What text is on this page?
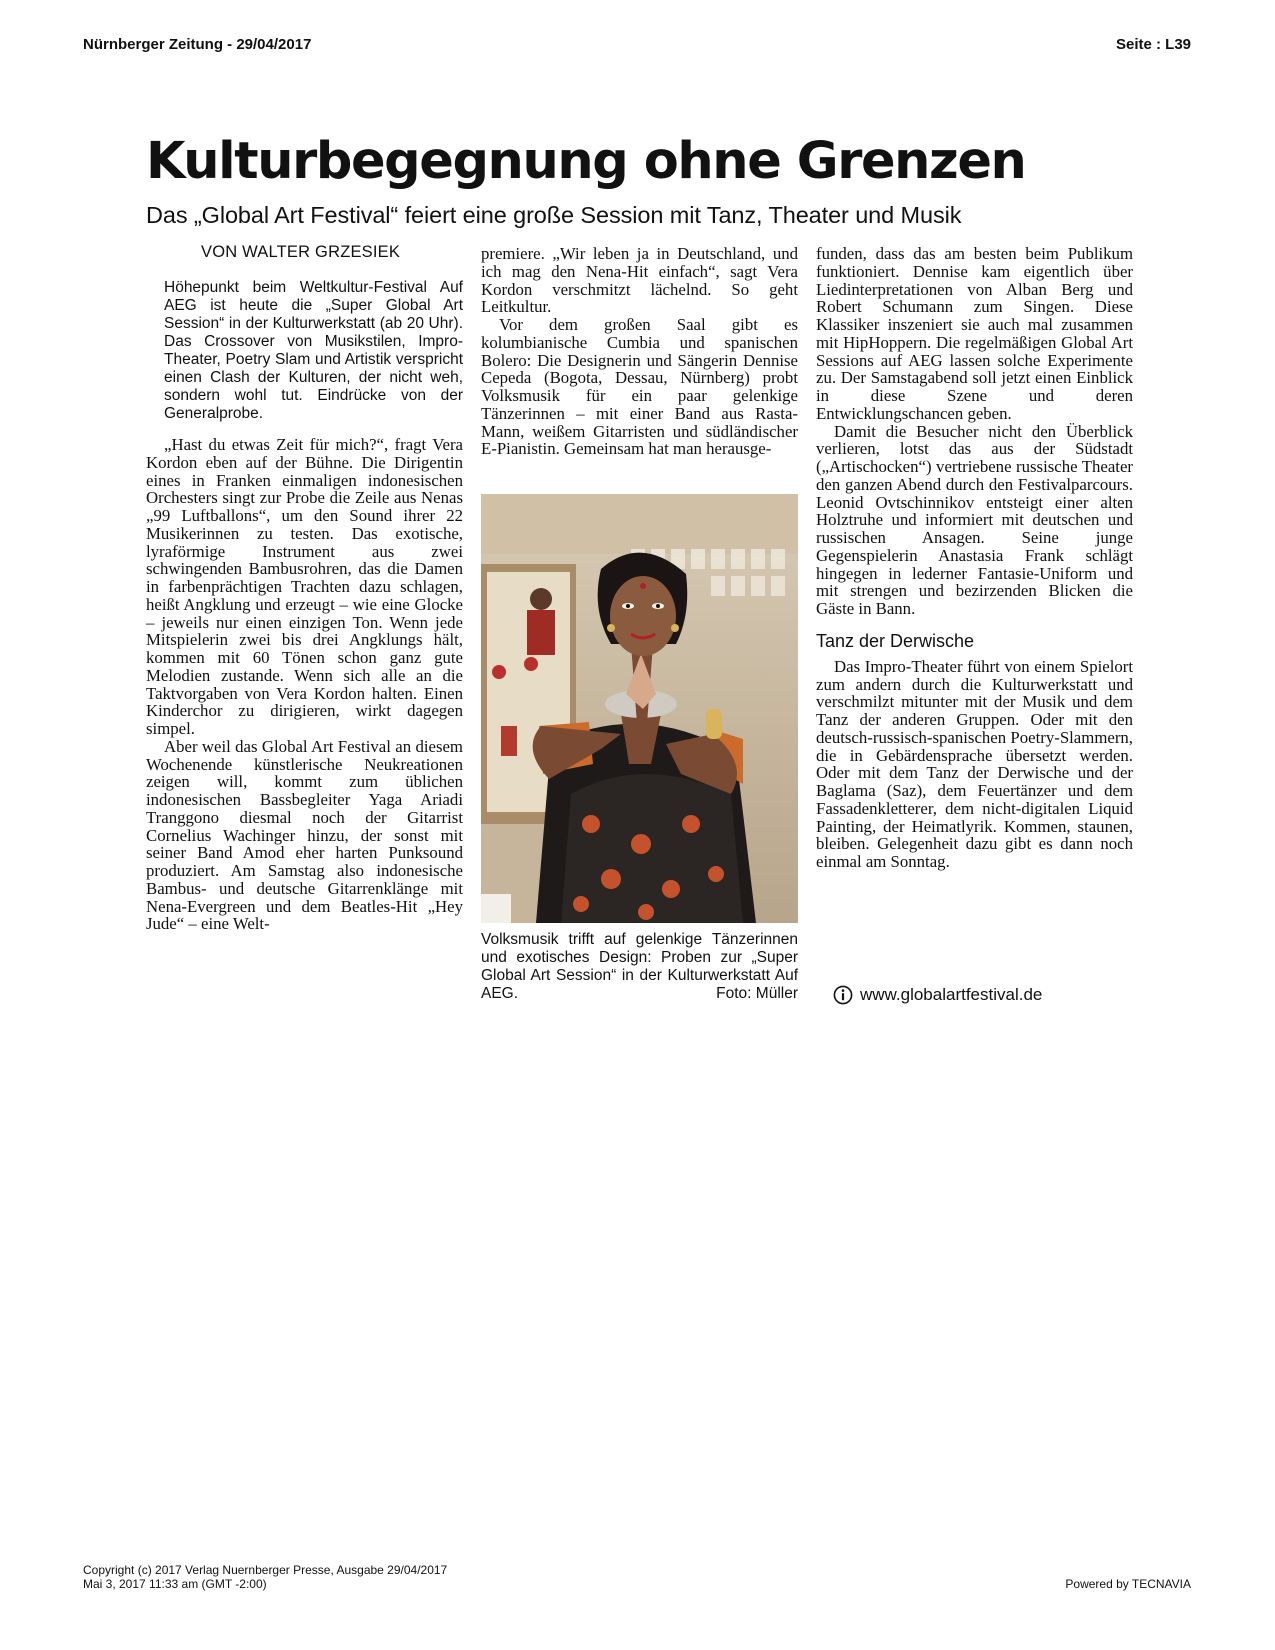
Nürnberger Zeitung - 29/04/2017	Seite : L39
Kulturbegegnung ohne Grenzen
Das „Global Art Festival“ feiert eine große Session mit Tanz, Theater und Musik
VON WALTER GRZESIEK

Höhepunkt beim Weltkultur-Festival Auf AEG ist heute die „Super Global Art Session“ in der Kulturwerkstatt (ab 20 Uhr). Das Crossover von Musikstilen, Impro-Theater, Poetry Slam und Artistik verspricht einen Clash der Kulturen, der nicht weh, sondern wohl tut. Eindrücke von der Generalprobe.

„Hast du etwas Zeit für mich?“, fragt Vera Kordon eben auf der Bühne. Die Dirigentin eines in Franken einmaligen indonesischen Orchesters singt zur Probe die Zeile aus Nenas „99 Luftballons“, um den Sound ihrer 22 Musikerinnen zu testen. Das exotische, lyraförmige Instrument aus zwei schwingenden Bambusrohren, das die Damen in farbenprächtigen Trachten dazu schlagen, heißt Angklung und erzeugt – wie eine Glocke – jeweils nur einen einzigen Ton. Wenn jede Mitspielerin zwei bis drei Angklungs hält, kommen mit 60 Tönen schon ganz gute Melodien zustande. Wenn sich alle an die Taktvorgaben von Vera Kordon halten. Einen Kinderchor zu dirigieren, wirkt dagegen simpel.

Aber weil das Global Art Festival an diesem Wochenende künstlerische Neukreationen zeigen will, kommt zum üblichen indonesischen Bassbegleiter Yaga Ariadi Tranggono diesmal noch der Gitarrist Cornelius Wachinger hinzu, der sonst mit seiner Band Amod eher harten Punksound produziert. Am Samstag also indonesische Bambus- und deutsche Gitarrenklänge mit Nena-Evergreen und dem Beatles-Hit „Hey Jude“ – eine Welt-

premiere. „Wir leben ja in Deutschland, und ich mag den Nena-Hit einfach“, sagt Vera Kordon verschmitzt lächelnd. So geht Leitkultur.

Vor dem großen Saal gibt es kolumbianische Cumbia und spanischen Bolero: Die Designerin und Sängerin Dennise Cepeda (Bogota, Dessau, Nürnberg) probt Volksmusik für ein paar gelenkige Tänzerinnen – mit einer Band aus Rasta-Mann, weißem Gitarristen und südländischer E-Pianistin. Gemeinsam hat man herausge-

Volksmusik trifft auf gelenkige Tänzerinnen und exotisches Design: Proben zur „Super Global Art Session“ in der Kulturwerkstatt Auf AEG.	Foto: Müller

funden, dass das am besten beim Publikum funktioniert. Dennise kam eigentlich über Liedinterpretationen von Alban Berg und Robert Schumann zum Singen. Diese Klassiker inszeniert sie auch mal zusammen mit HipHoppern. Die regelmäßigen Global Art Sessions auf AEG lassen solche Experimente zu. Der Samstagabend soll jetzt einen Einblick in diese Szene und deren Entwicklungschancen geben.

Damit die Besucher nicht den Überblick verlieren, lotst das aus der Südstadt („Artischocken“) vertriebene russische Theater den ganzen Abend durch den Festivalparcours. Leonid Ovtschinnikov entsteigt einer alten Holztruhe und informiert mit deutschen und russischen Ansagen. Seine junge Gegenspielerin Anastasia Frank schlägt hingegen in lederner Fantasie-Uniform und mit strengen und bezirzenden Blicken die Gäste in Bann.

Tanz der Derwische

Das Impro-Theater führt von einem Spielort zum andern durch die Kulturwerkstatt und verschmilzt mitunter mit der Musik und dem Tanz der anderen Gruppen. Oder mit den deutsch-russisch-spanischen Poetry-Slammern, die in Gebärdensprache übersetzt werden. Oder mit dem Tanz der Derwische und der Baglama (Saz), dem Feuertänzer und dem Fassadenkletterer, dem nicht-digitalen Liquid Painting, der Heimatlyrik. Kommen, staunen, bleiben. Gelegenheit dazu gibt es dann noch einmal am Sonntag.

www.globalartfestival.de
Copyright (c) 2017 Verlag Nuernberger Presse, Ausgabe 29/04/2017
Mai 3, 2017 11:33 am (GMT -2:00)	Powered by TECNAVIA
